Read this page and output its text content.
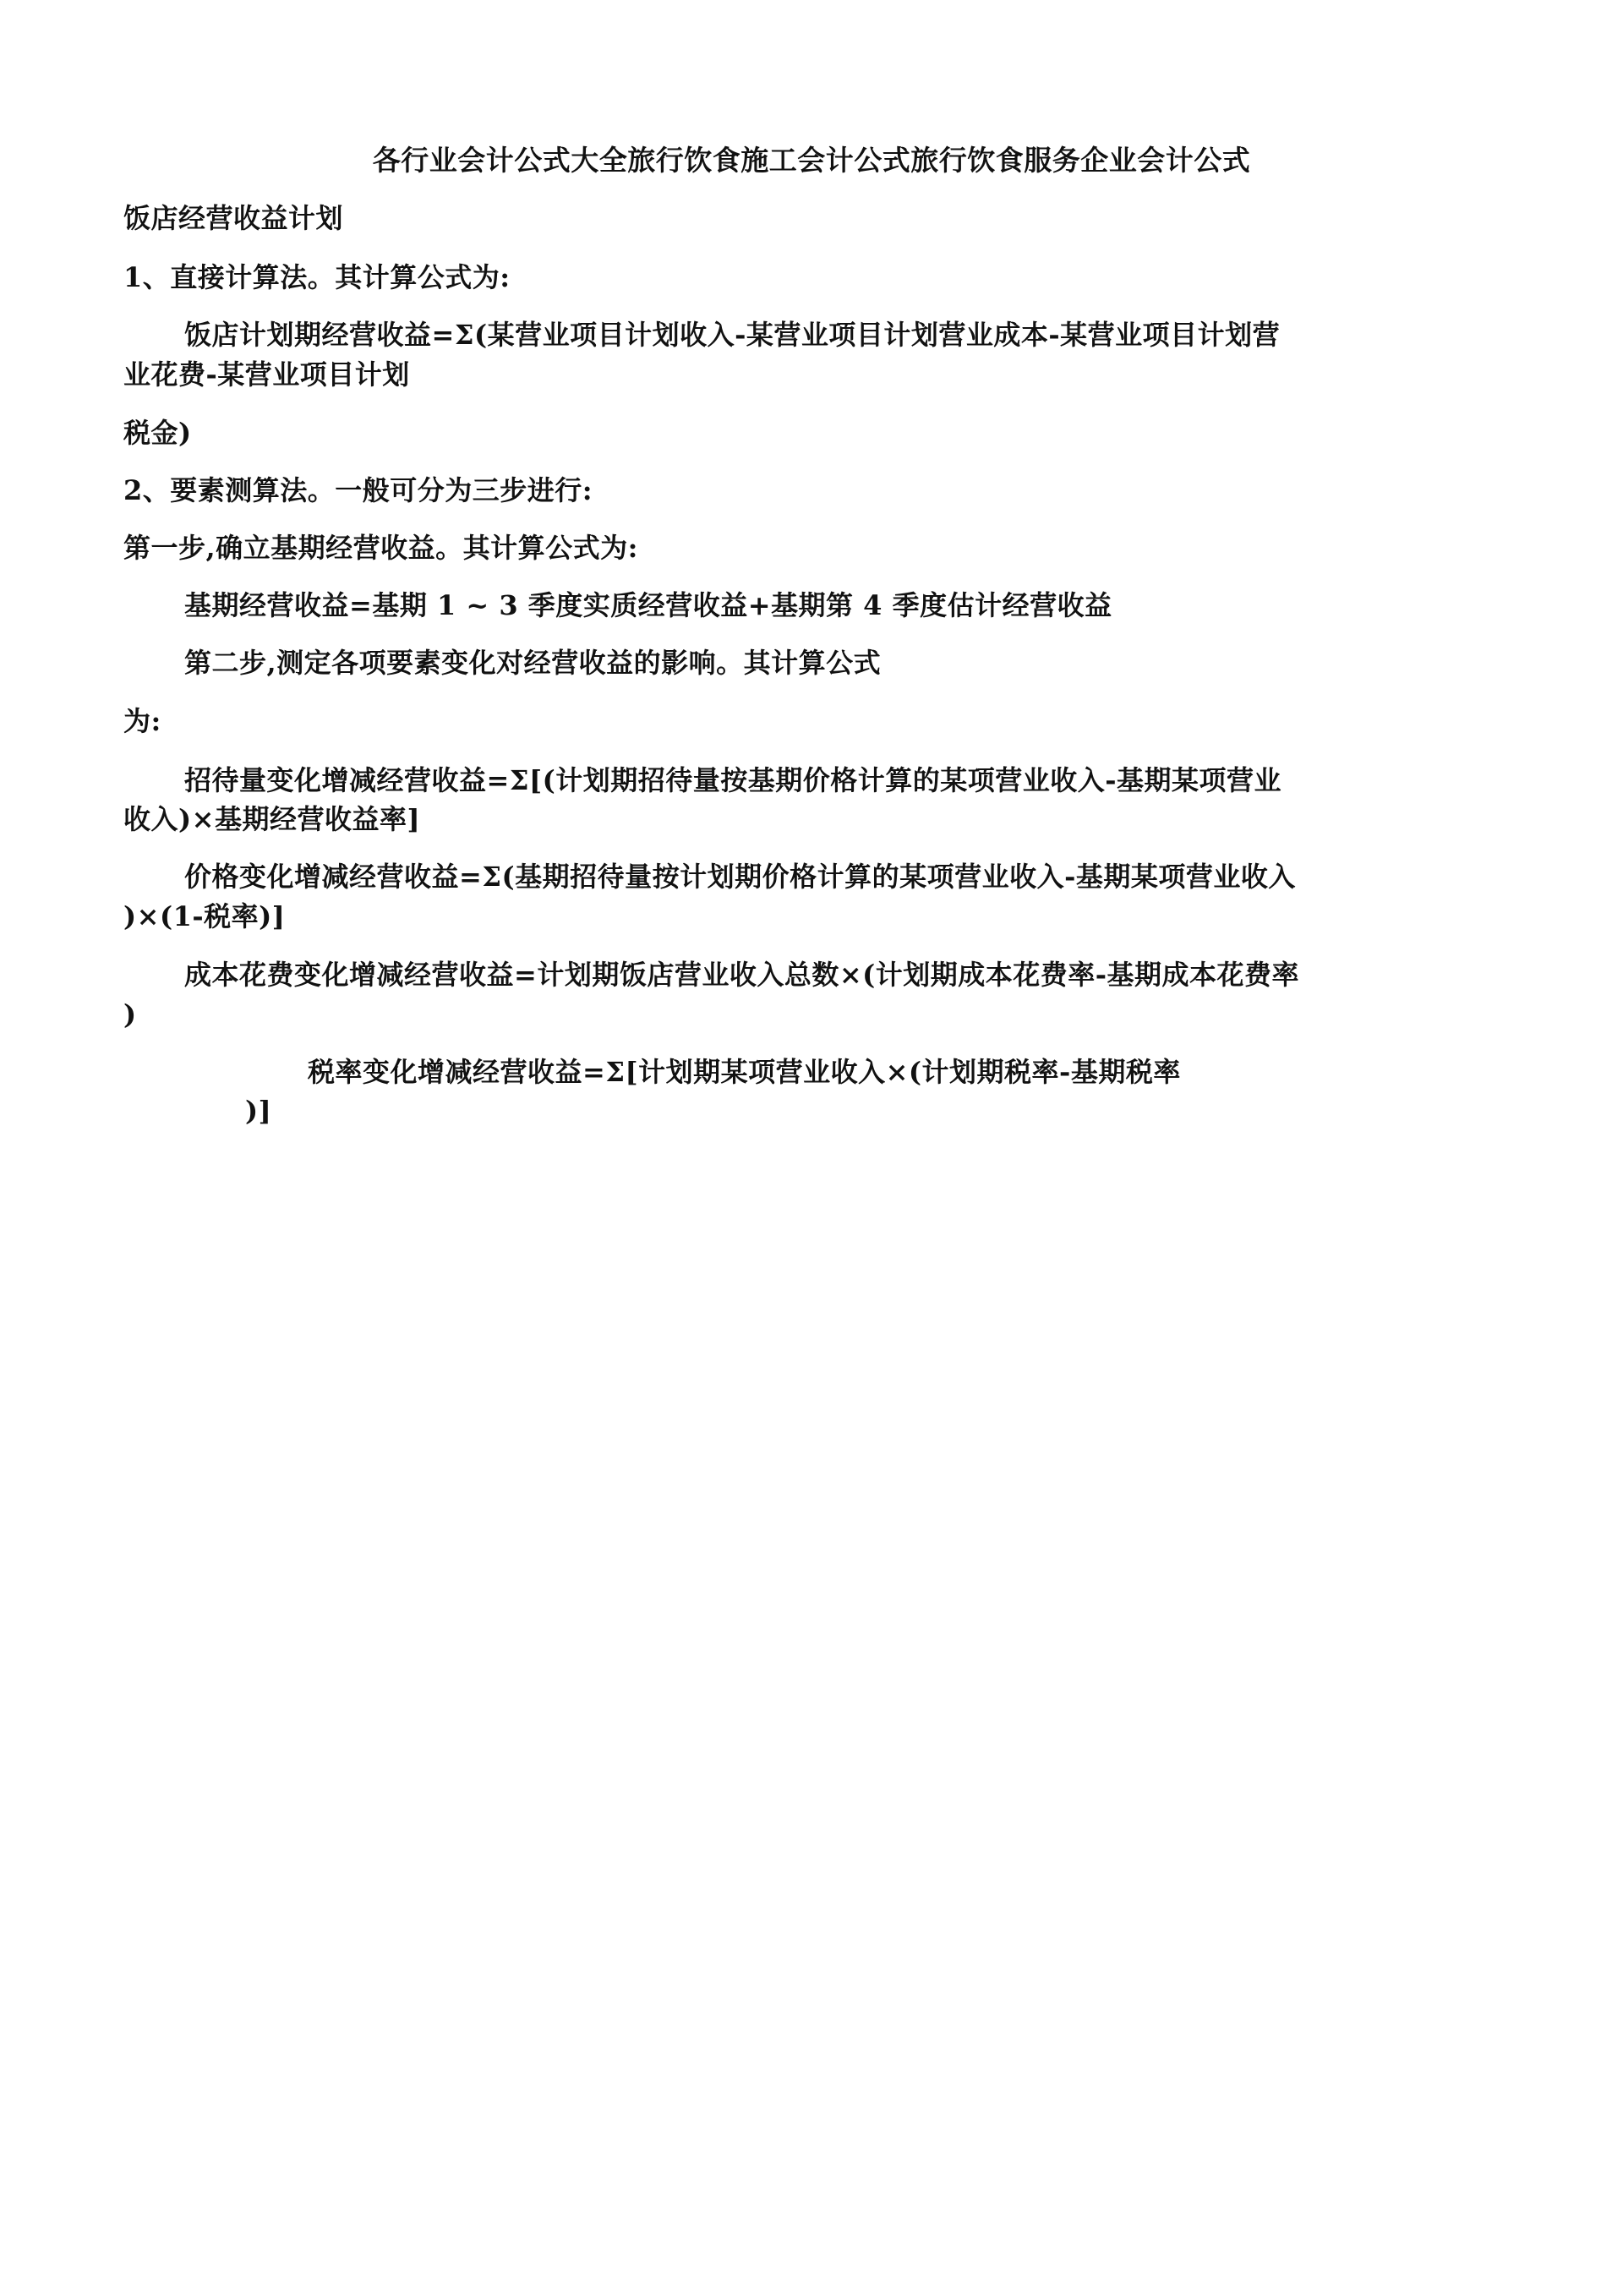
各行业会计公式大全旅行饮食施工会计公式旅行饮食服务企业会计公式
饭店经营收益计划
1、直接计算法。其计算公式为:
饭店计划期经营收益=Σ(某营业项目计划收入-某营业项目计划营业成本-某营业项目计划营
业花费-某营业项目计划
税金)
2、要素测算法。一般可分为三步进行:
第一步,确立基期经营收益。其计算公式为:
基期经营收益=基期 1 ~ 3 季度实质经营收益+基期第 4 季度估计经营收益
第二步,测定各项要素变化对经营收益的影响。其计算公式
为:
招待量变化增减经营收益=Σ[(计划期招待量按基期价格计算的某项营业收入-基期某项营业
收入)×基期经营收益率]
价格变化增减经营收益=Σ(基期招待量按计划期价格计算的某项营业收入-基期某项营业收入
)×(1-税率)]
成本花费变化增减经营收益=计划期饭店营业收入总数×(计划期成本花费率-基期成本花费率
)
税率变化增减经营收益=Σ[计划期某项营业收入×(计划期税率-基期税率
)]
